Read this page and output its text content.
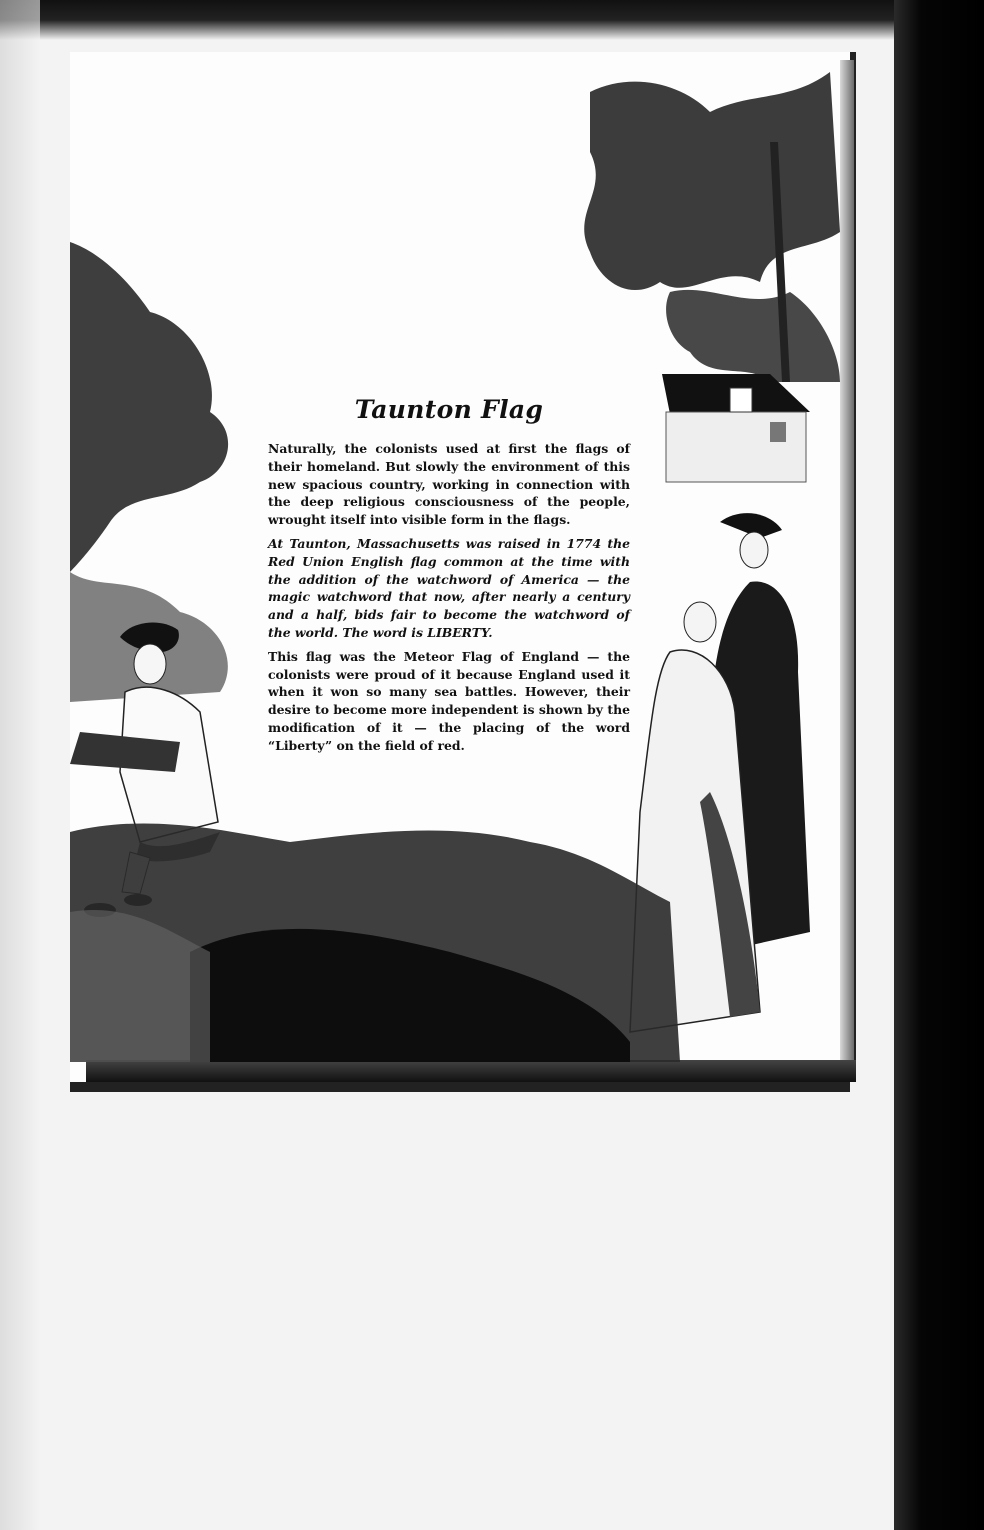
Taunton Flag

Naturally, the colonists used at first the flags of their homeland. But slowly the environment of this new spacious country, working in connection with the deep religious consciousness of the people, wrought itself into visible form in the flags.

At Taunton, Massachusetts was raised in 1774 the Red Union English flag common at the time with the addition of the watchword of America — the magic watchword that now, after nearly a century and a half, bids fair to become the watchword of the world. The word is LIBERTY.

This flag was the Meteor Flag of England — the colonists were proud of it because England used it when it won so many sea battles. However, their desire to become more independent is shown by the modification of it — the placing of the word “Liberty” on the field of red.
